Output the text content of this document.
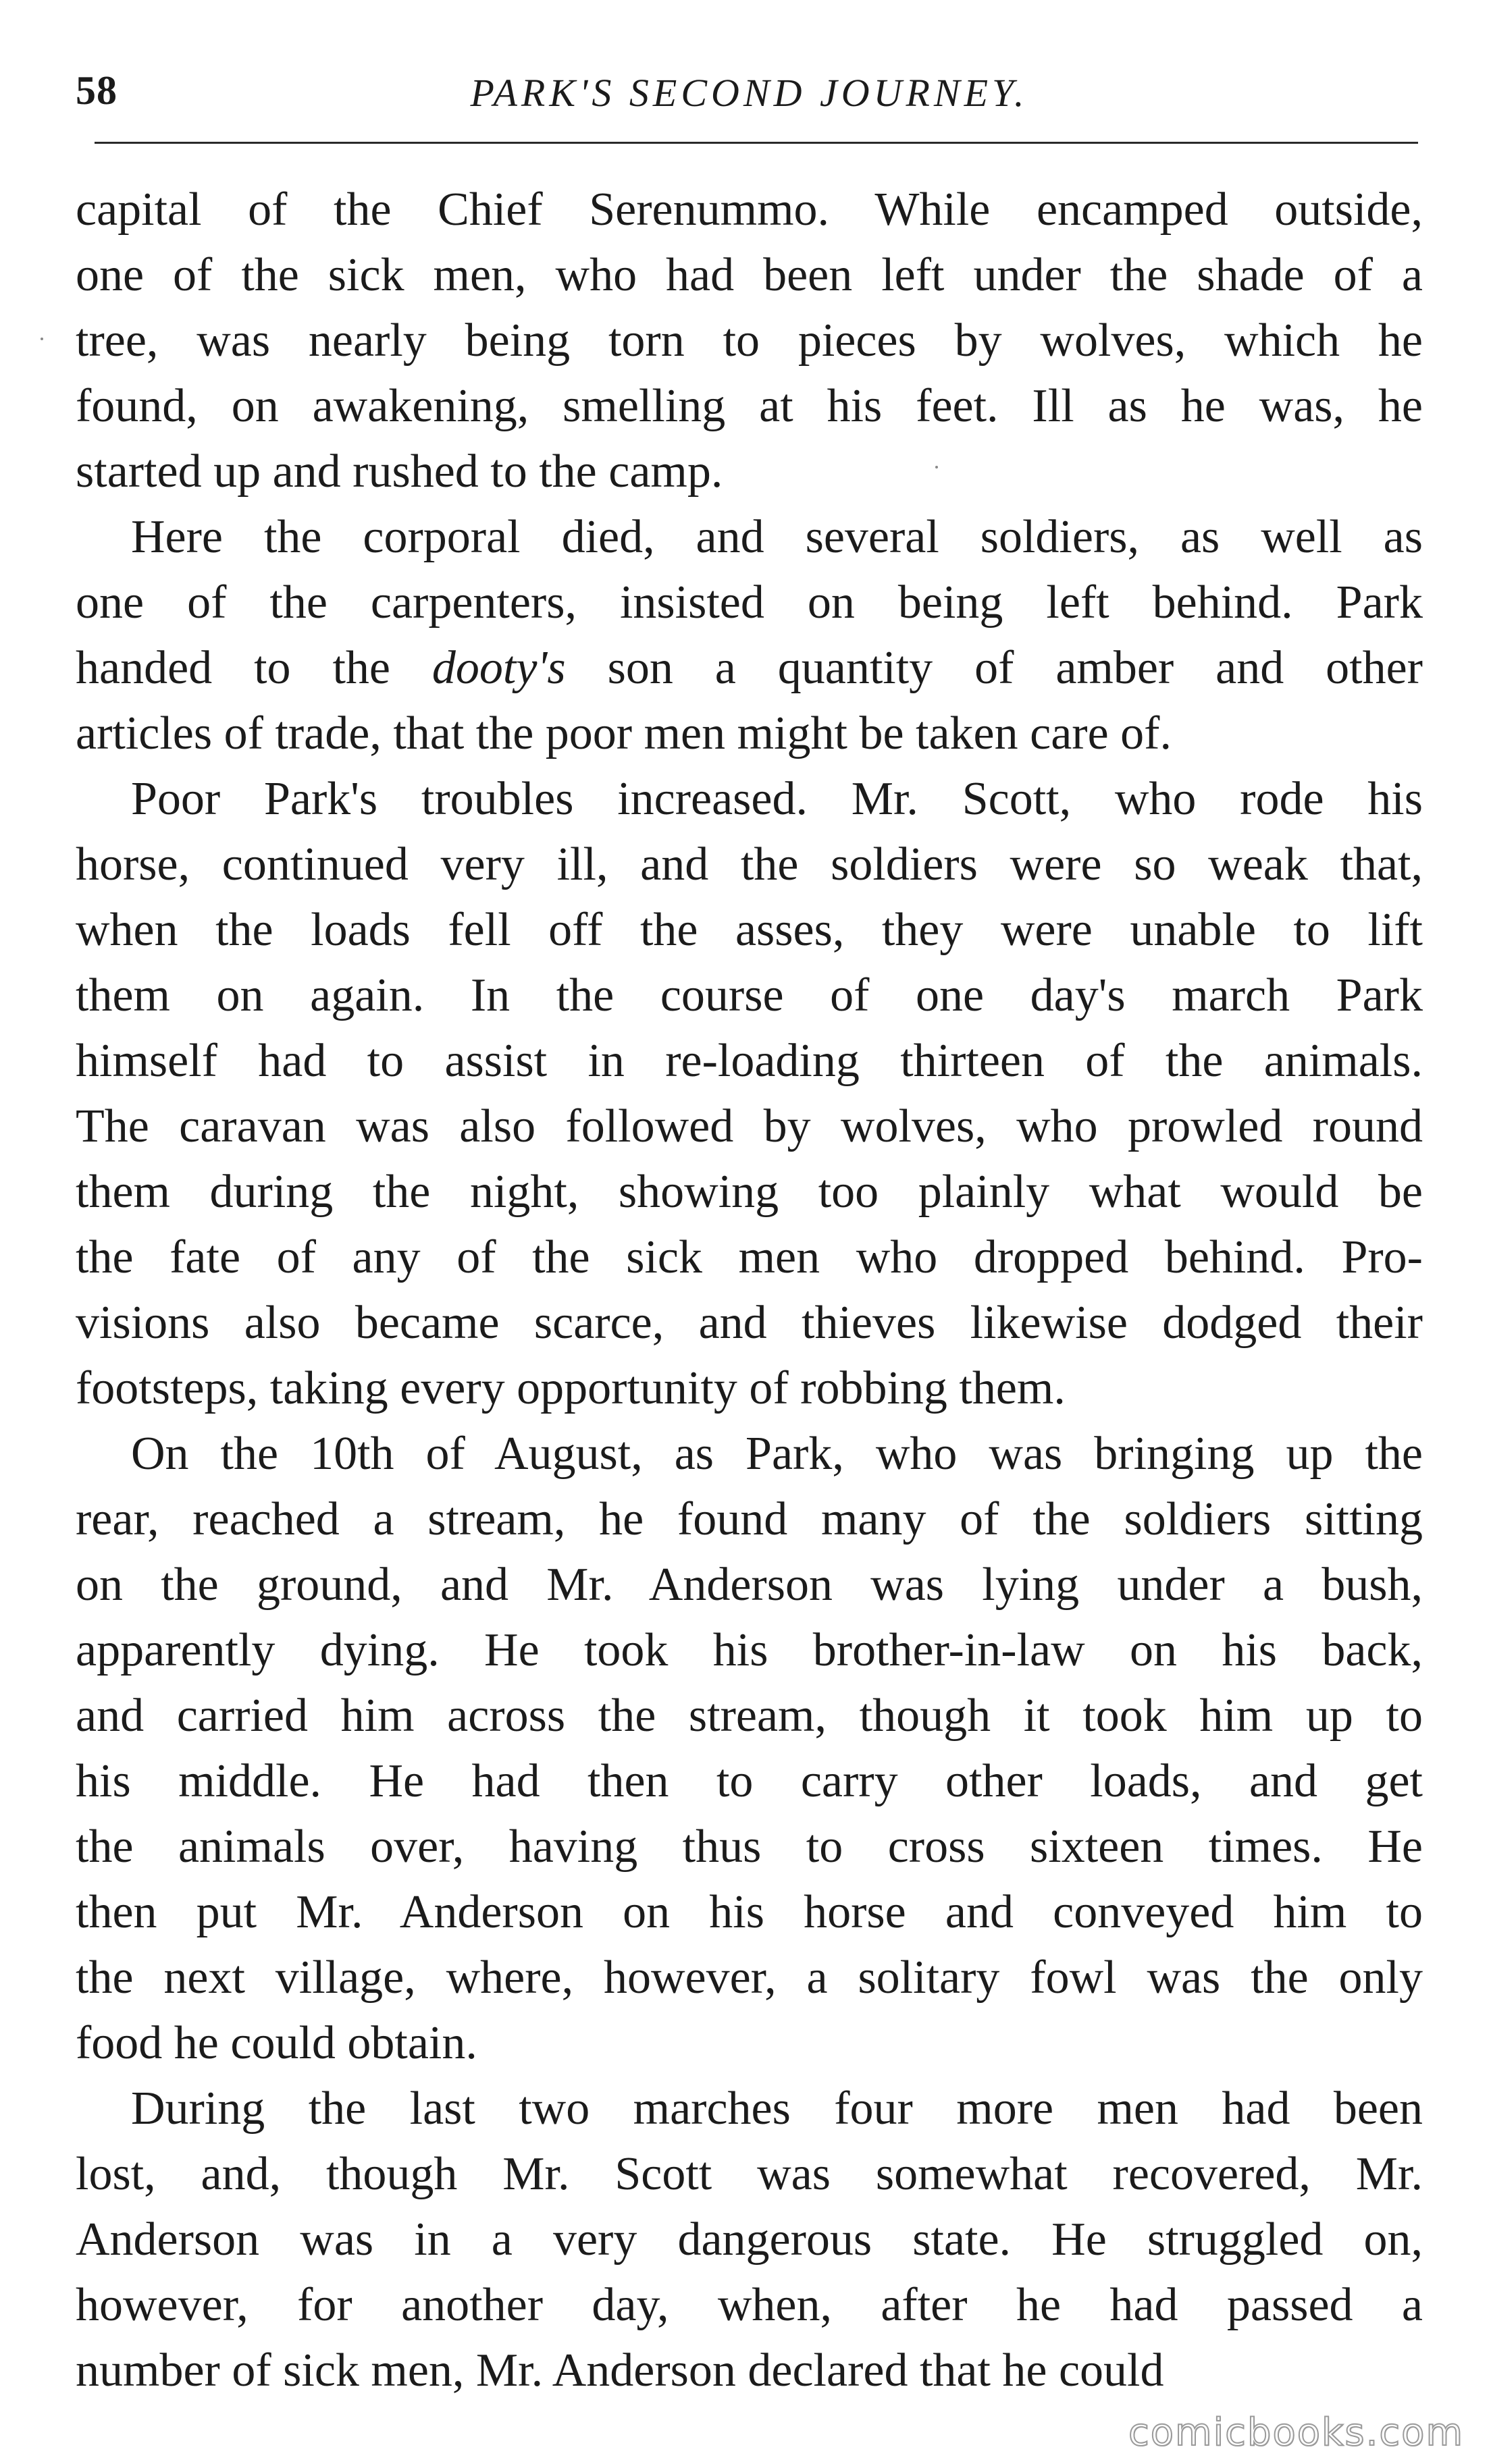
58	PARK'S SECOND JOURNEY.
capital of the Chief Serenummo. While encamped outside,
one of the sick men, who had been left under the shade of a
tree, was nearly being torn to pieces by wolves, which he
found, on awakening, smelling at his feet. Ill as he was, he
started up and rushed to the camp.
Here the corporal died, and several soldiers, as well as
one of the carpenters, insisted on being left behind. Park
handed to the dooty's son a quantity of amber and other
articles of trade, that the poor men might be taken care of.
Poor Park's troubles increased. Mr. Scott, who rode his
horse, continued very ill, and the soldiers were so weak that,
when the loads fell off the asses, they were unable to lift
them on again. In the course of one day's march Park
himself had to assist in re-loading thirteen of the animals.
The caravan was also followed by wolves, who prowled round
them during the night, showing too plainly what would be
the fate of any of the sick men who dropped behind. Pro-
visions also became scarce, and thieves likewise dodged their
footsteps, taking every opportunity of robbing them.
On the 10th of August, as Park, who was bringing up the
rear, reached a stream, he found many of the soldiers sitting
on the ground, and Mr. Anderson was lying under a bush,
apparently dying. He took his brother-in-law on his back,
and carried him across the stream, though it took him up to
his middle. He had then to carry other loads, and get
the animals over, having thus to cross sixteen times. He
then put Mr. Anderson on his horse and conveyed him to
the next village, where, however, a solitary fowl was the only
food he could obtain.
During the last two marches four more men had been
lost, and, though Mr. Scott was somewhat recovered, Mr.
Anderson was in a very dangerous state. He struggled on,
however, for another day, when, after he had passed a
number of sick men, Mr. Anderson declared that he could
comicbooks.com
